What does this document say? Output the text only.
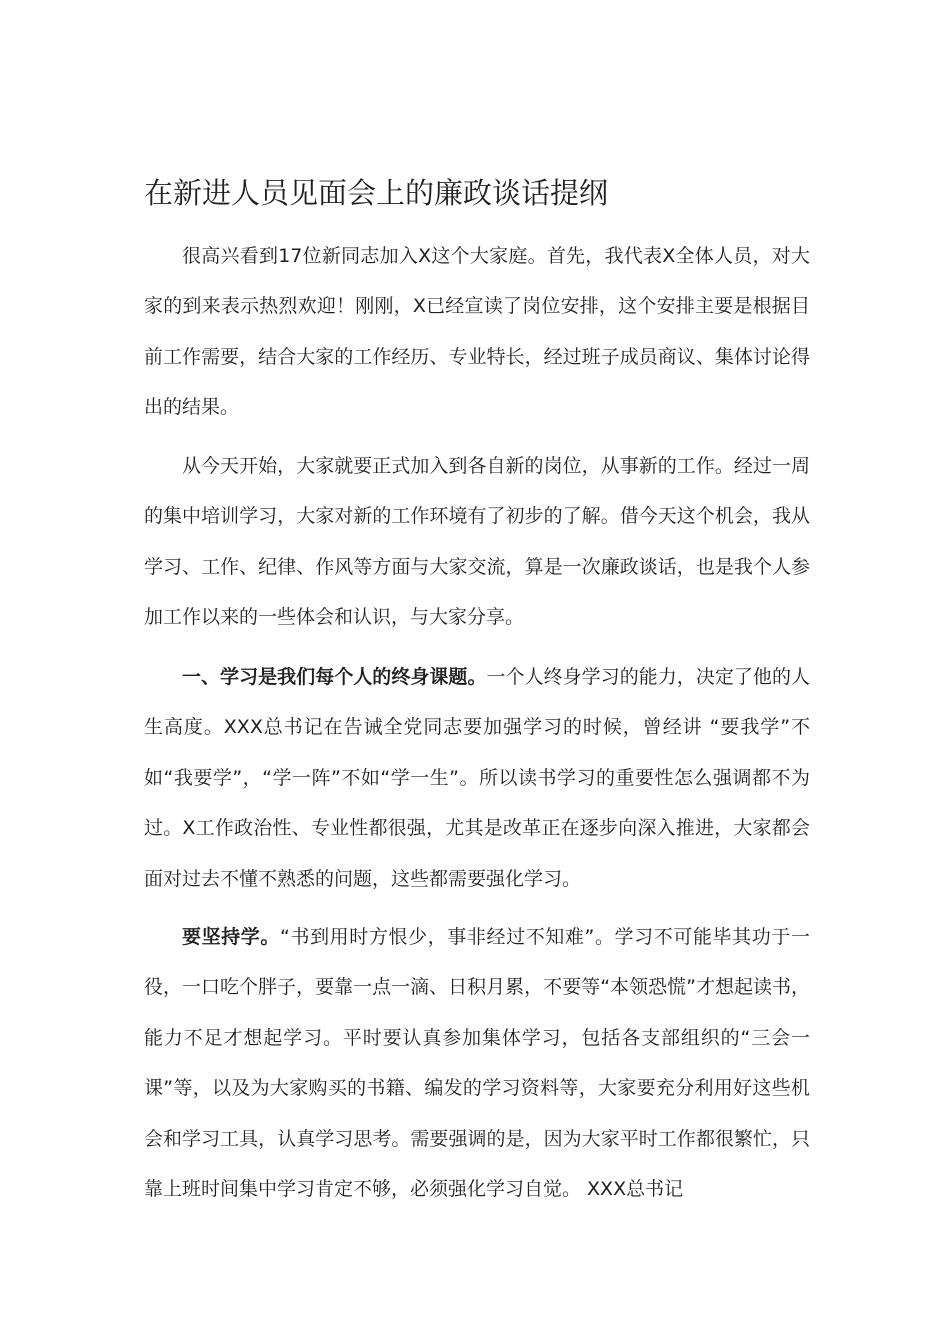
在新进人员见面会上的廉政谈话提纲

很高兴看到17位新同志加入X这个大家庭。首先，我代表X全体人员，对大家的到来表示热烈欢迎！刚刚，X已经宣读了岗位安排，这个安排主要是根据目前工作需要，结合大家的工作经历、专业特长，经过班子成员商议、集体讨论得出的结果。

从今天开始，大家就要正式加入到各自新的岗位，从事新的工作。经过一周的集中培训学习，大家对新的工作环境有了初步的了解。借今天这个机会，我从学习、工作、纪律、作风等方面与大家交流，算是一次廉政谈话，也是我个人参加工作以来的一些体会和认识，与大家分享。

一、学习是我们每个人的终身课题。一个人终身学习的能力，决定了他的人生高度。XXX总书记在告诫全党同志要加强学习的时候，曾经讲 “要我学”不如“我要学”，“学一阵”不如“学一生”。所以读书学习的重要性怎么强调都不为过。X工作政治性、专业性都很强，尤其是改革正在逐步向深入推进，大家都会面对过去不懂不熟悉的问题，这些都需要强化学习。

要坚持学。“书到用时方恨少，事非经过不知难”。学习不可能毕其功于一役，一口吃个胖子，要靠一点一滴、日积月累，不要等“本领恐慌”才想起读书，能力不足才想起学习。平时要认真参加集体学习，包括各支部组织的“三会一课”等，以及为大家购买的书籍、编发的学习资料等，大家要充分利用好这些机会和学习工具，认真学习思考。需要强调的是，因为大家平时工作都很繁忙，只靠上班时间集中学习肯定不够，必须强化学习自觉。 XXX总书记
